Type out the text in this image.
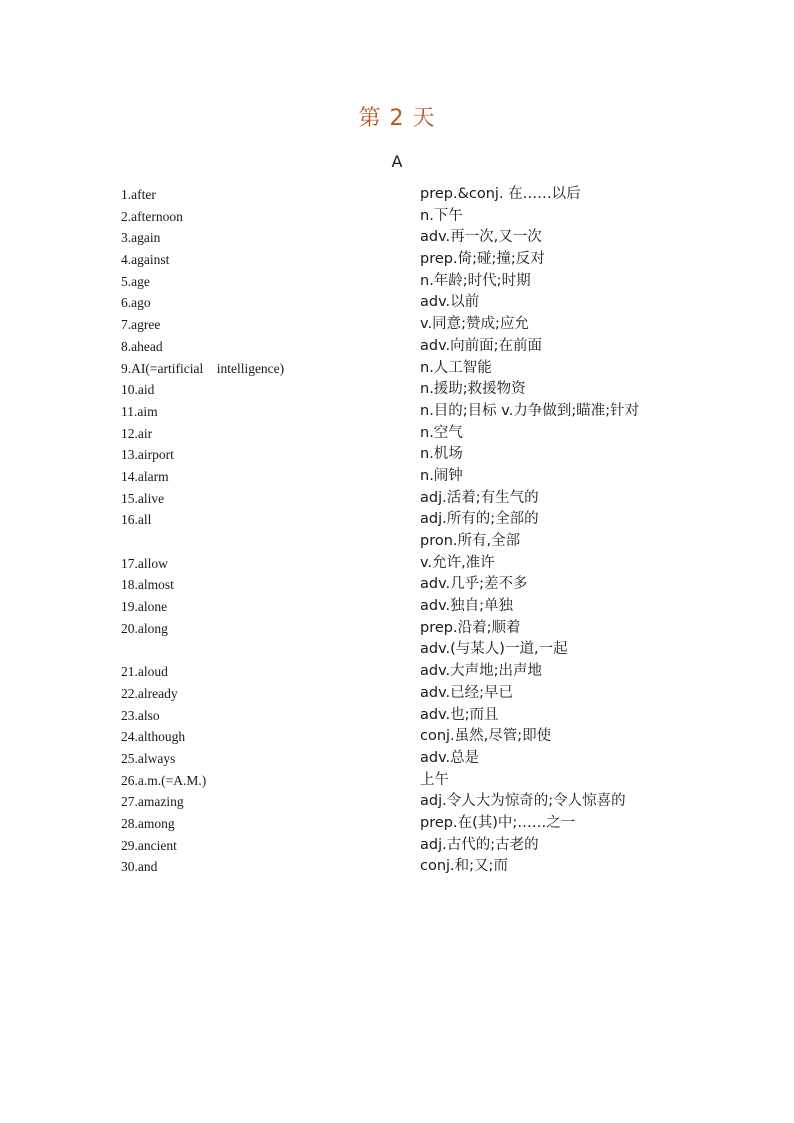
第 2 天
A
1.after	prep.&conj. 在……以后
2.afternoon	n.下午
3.again	adv.再一次,又一次
4.against	prep.倚;碰;撞;反对
5.age	n.年龄;时代;时期
6.ago	adv.以前
7.agree	v.同意;赞成;应允
8.ahead	adv.向前面;在前面
9.AI(=artificial intelligence)	n.人工智能
10.aid	n.援助;救援物资
11.aim	n.目的;目标 v.力争做到;瞄准;针对
12.air	n.空气
13.airport	n.机场
14.alarm	n.闹钟
15.alive	adj.活着;有生气的
16.all	adj.所有的;全部的
pron.所有,全部
17.allow	v.允许,准许
18.almost	adv.几乎;差不多
19.alone	adv.独自;单独
20.along	prep.沿着;顺着
adv.(与某人)一道,一起
21.aloud	adv.大声地;出声地
22.already	adv.已经;早已
23.also	adv.也;而且
24.although	conj.虽然,尽管;即使
25.always	adv.总是
26.a.m.(=A.M.)	上午
27.amazing	adj.令人大为惊奇的;令人惊喜的
28.among	prep.在(其)中;……之一
29.ancient	adj.古代的;古老的
30.and	conj.和;又;而
